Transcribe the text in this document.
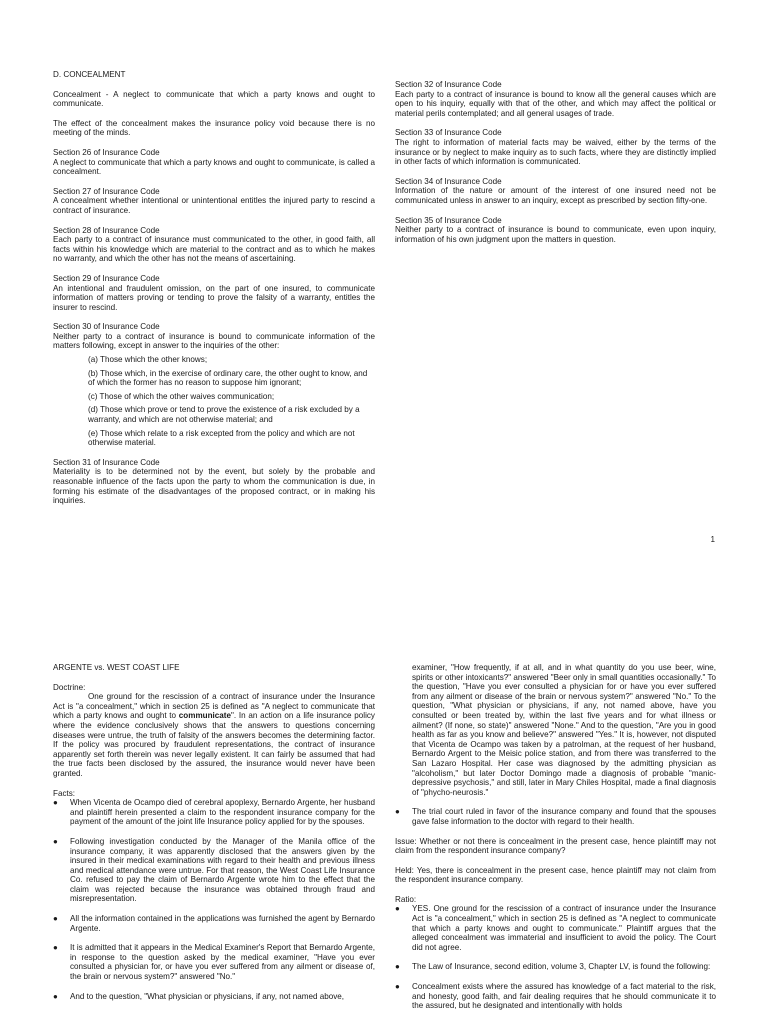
D. CONCEALMENT

Concealment - A neglect to communicate that which a party knows and ought to communicate.

The effect of the concealment makes the insurance policy void because there is no meeting of the minds.

Section 26 of Insurance Code

A neglect to communicate that which a party knows and ought to communicate, is called a concealment.

Section 27 of Insurance Code

A concealment whether intentional or unintentional entitles the injured party to rescind a contract of insurance.

Section 28 of Insurance Code

Each party to a contract of insurance must communicated to the other, in good faith, all facts within his knowledge which are material to the contract and as to which he makes no warranty, and which the other has not the means of ascertaining.

Section 29 of Insurance Code

An intentional and fraudulent omission, on the part of one insured, to communicate information of matters proving or tending to prove the falsity of a warranty, entitles the insurer to rescind.

Section 30 of Insurance Code

Neither party to a contract of insurance is bound to communicate information of the matters following, except in answer to the inquiries of the other:

(a) Those which the other knows;
(b) Those which, in the exercise of ordinary care, the other ought to know, and of which the former has no reason to suppose him ignorant;
(c) Those of which the other waives communication;
(d) Those which prove or tend to prove the existence of a risk excluded by a warranty, and which are not otherwise material; and
(e) Those which relate to a risk excepted from the policy and which are not otherwise material.

Section 31 of Insurance Code

Materiality is to be determined not by the event, but solely by the probable and reasonable influence of the facts upon the party to whom the communication is due, in forming his estimate of the disadvantages of the proposed contract, or in making his inquiries.

Section 32 of Insurance Code

Each party to a contract of insurance is bound to know all the general causes which are open to his inquiry, equally with that of the other, and which may affect the political or material perils contemplated; and all general usages of trade.

Section 33 of Insurance Code

The right to information of material facts may be waived, either by the terms of the insurance or by neglect to make inquiry as to such facts, where they are distinctly implied in other facts of which information is communicated.

Section 34 of Insurance Code

Information of the nature or amount of the interest of one insured need not be communicated unless in answer to an inquiry, except as prescribed by section fifty-one.

Section 35 of Insurance Code

Neither party to a contract of insurance is bound to communicate, even upon inquiry, information of his own judgment upon the matters in question.

1

ARGENTE vs. WEST COAST LIFE

Doctrine:

One ground for the rescission of a contract of insurance under the Insurance Act is "a concealment," which in section 25 is defined as "A neglect to communicate that which a party knows and ought to communicate". In an action on a life insurance policy where the evidence conclusively shows that the answers to questions concerning diseases were untrue, the truth of falsity of the answers becomes the determining factor. If the policy was procured by fraudulent representations, the contract of insurance apparently set forth therein was never legally existent. It can fairly be assumed that had the true facts been disclosed by the assured, the insurance would never have been granted.

Facts:

● When Vicenta de Ocampo died of cerebral apoplexy, Bernardo Argente, her husband and plaintiff herein presented a claim to the respondent insurance company for the payment of the amount of the joint life Insurance policy applied for by the spouses.
● Following investigation conducted by the Manager of the Manila office of the insurance company, it was apparently disclosed that the answers given by the insured in their medical examinations with regard to their health and previous illness and medical attendance were untrue. For that reason, the West Coast Life Insurance Co. refused to pay the claim of Bernardo Argente wrote him to the effect that the claim was rejected because the insurance was obtained through fraud and misrepresentation.
● All the information contained in the applications was furnished the agent by Bernardo Argente.
● It is admitted that it appears in the Medical Examiner's Report that Bernardo Argente, in response to the question asked by the medical examiner, "Have you ever consulted a physician for, or have you ever suffered from any ailment or disease of, the brain or nervous system?" answered "No."
● And to the question, "What physician or physicians, if any, not named above,

examiner, "How frequently, if at all, and in what quantity do you use beer, wine, spirits or other intoxicants?" answered "Beer only in small quantities occasionally." To the question, "Have you ever consulted a physician for or have you ever suffered from any ailment or disease of the brain or nervous system?" answered "No." To the question, "What physician or physicians, if any, not named above, have you consulted or been treated by, within the last five years and for what illness or ailment? (If none, so state)" answered "None." And to the question, "Are you in good health as far as you know and believe?" answered "Yes." It is, however, not disputed that Vicenta de Ocampo was taken by a patrolman, at the request of her husband, Bernardo Argent to the Meisic police station, and from there was transferred to the San Lazaro Hospital. Her case was diagnosed by the admitting physician as "alcoholism," but later Doctor Domingo made a diagnosis of probable "manic-depressive psychosis," and still, later in Mary Chiles Hospital, made a final diagnosis of "phycho-neurosis."

● The trial court ruled in favor of the insurance company and found that the spouses gave false information to the doctor with regard to their health.

Issue: Whether or not there is concealment in the present case, hence plaintiff may not claim from the respondent insurance company?

Held: Yes, there is concealment in the present case, hence plaintiff may not claim from the respondent insurance company.

Ratio:

● YES. One ground for the rescission of a contract of insurance under the Insurance Act is "a concealment," which in section 25 is defined as "A neglect to communicate that which a party knows and ought to communicate." Plaintiff argues that the alleged concealment was immaterial and insufficient to avoid the policy. The Court did not agree.
● The Law of Insurance, second edition, volume 3, Chapter LV, is found the following:
● Concealment exists where the assured has knowledge of a fact material to the risk, and honesty, good faith, and fair dealing requires that he should communicate it to the assured, but he designated and intentionally with holds
